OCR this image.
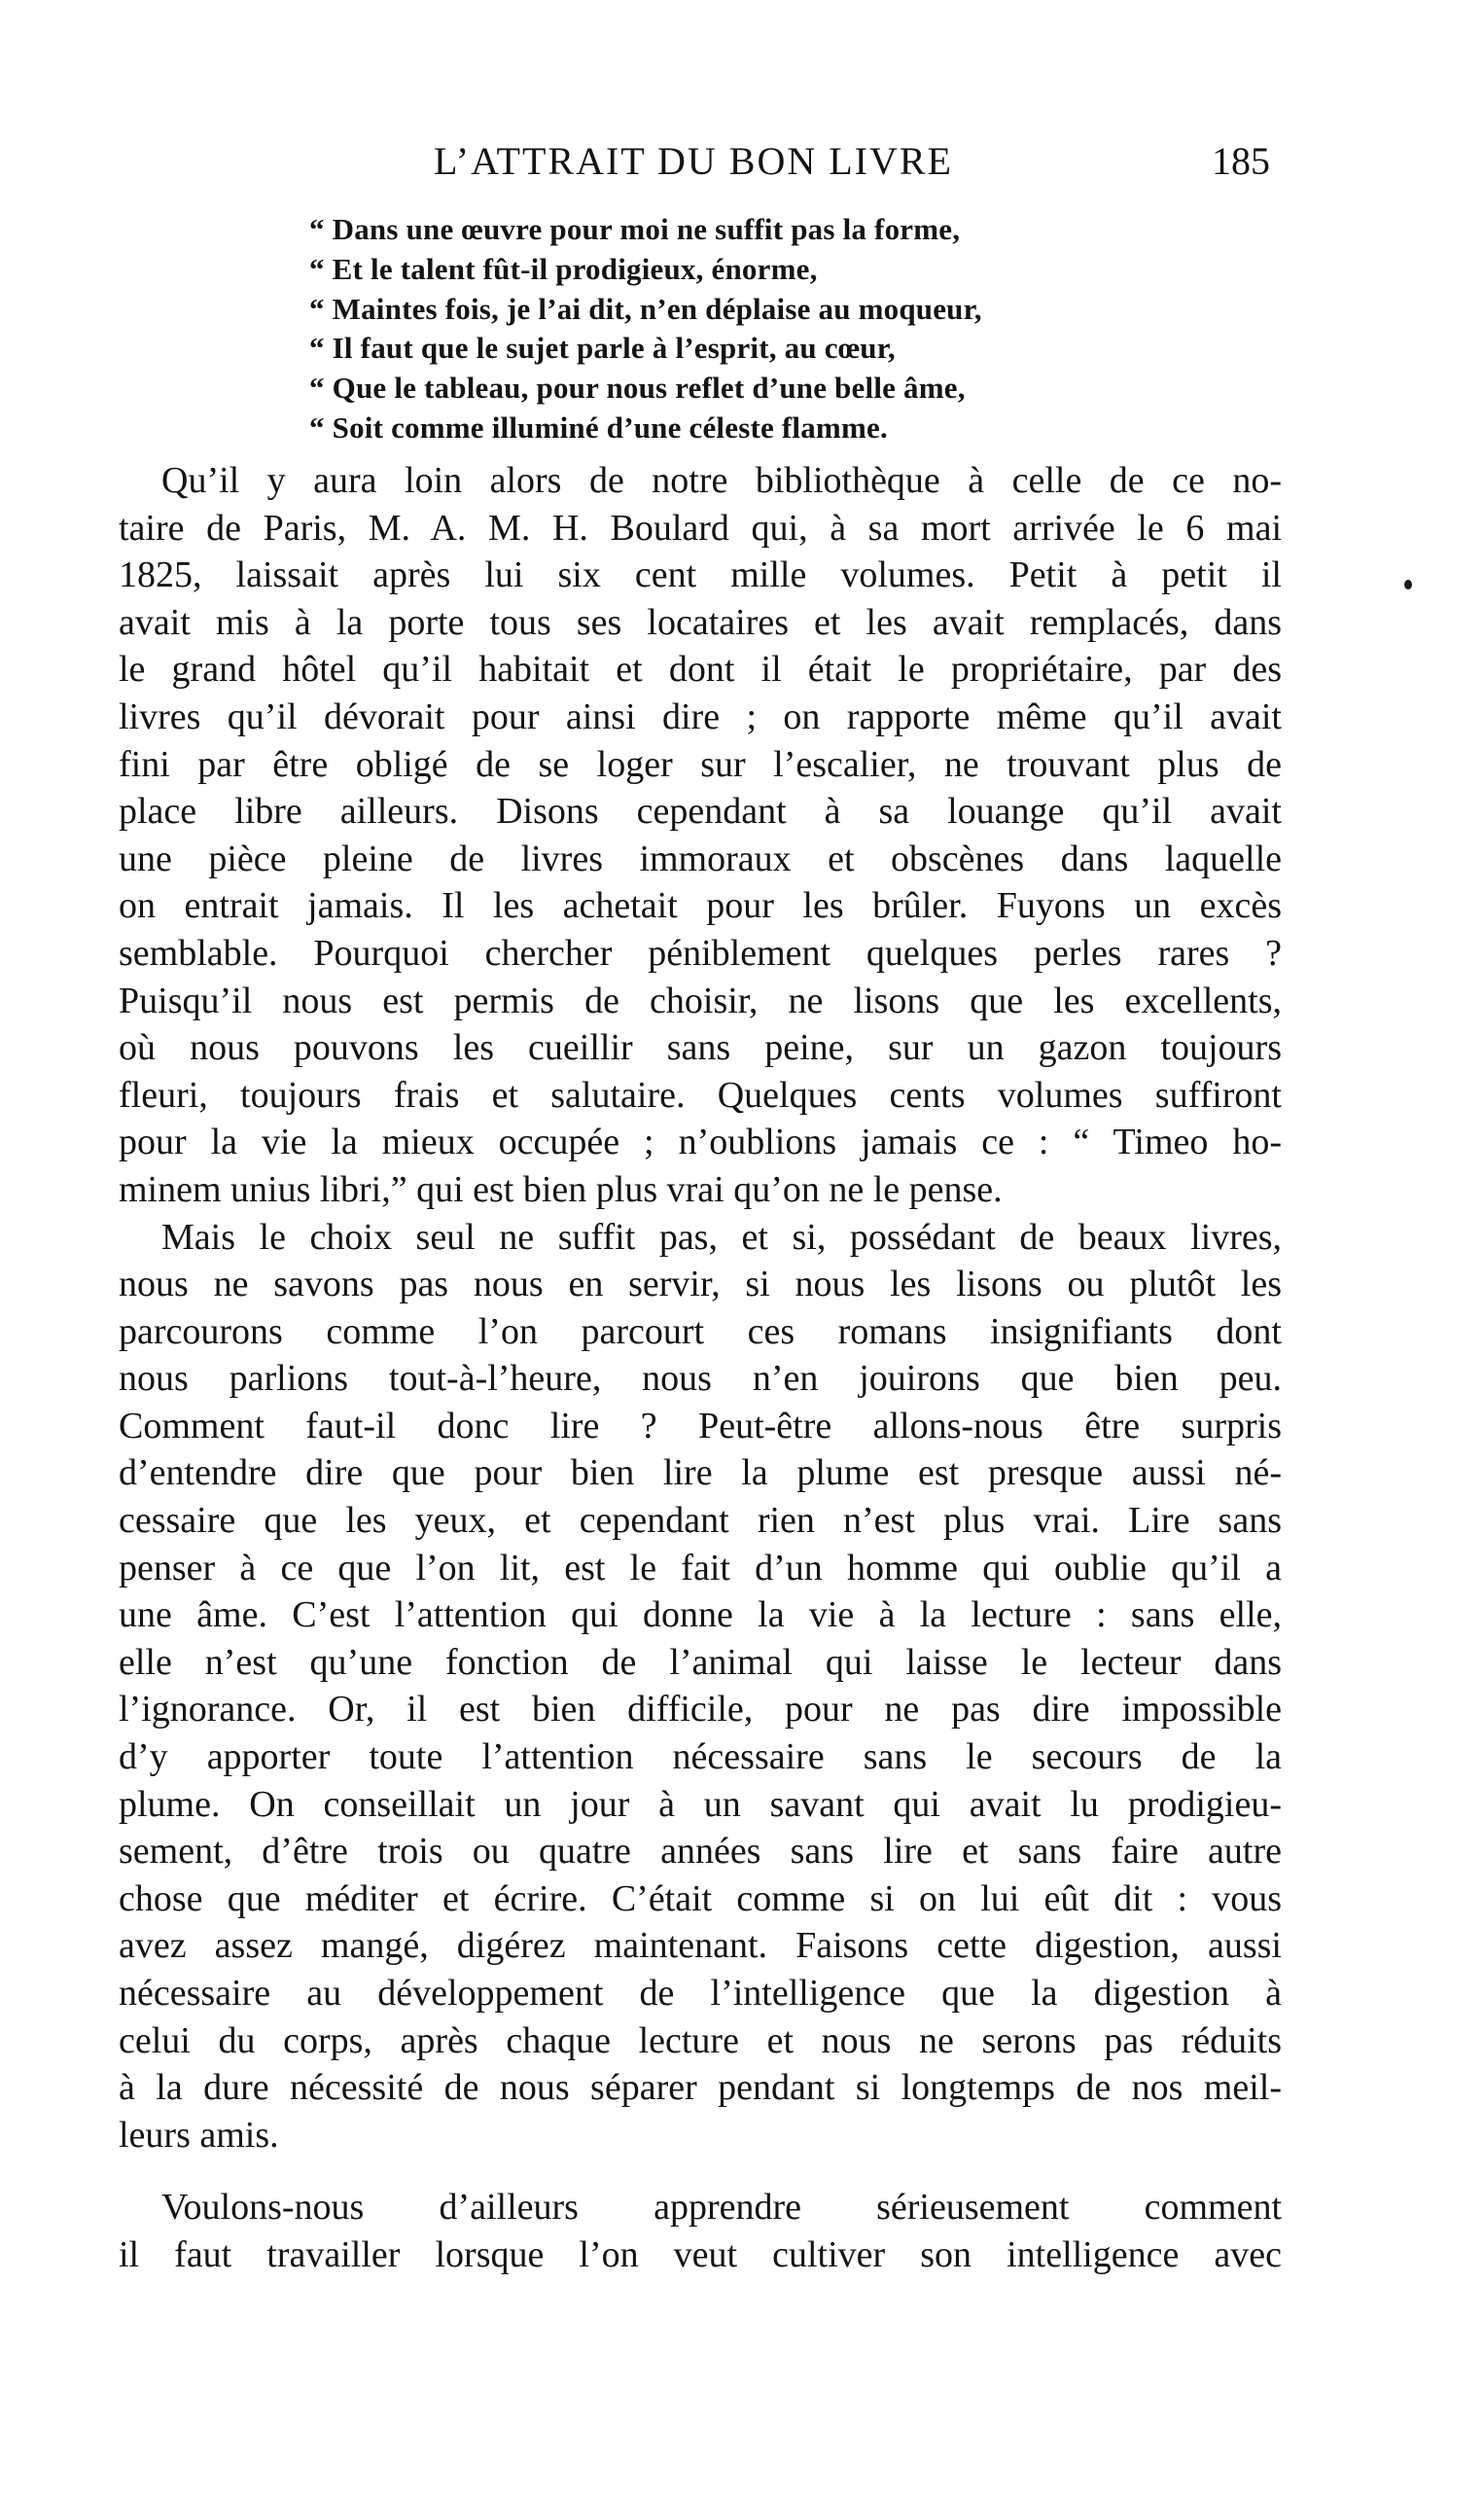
L’ATTRAIT DU BON LIVRE	185
“ Dans une œuvre pour moi ne suffit pas la forme,
“ Et le talent fût-il prodigieux, énorme,
“ Maintes fois, je l’ai dit, n’en déplaise au moqueur,
“ Il faut que le sujet parle à l’esprit, au cœur,
“ Que le tableau, pour nous reflet d’une belle âme,
“ Soit comme illuminé d’une céleste flamme.
Qu’il y aura loin alors de notre bibliothèque à celle de ce no-
taire de Paris, M. A. M. H. Boulard qui, à sa mort arrivée le 6 mai
1825, laissait après lui six cent mille volumes. Petit à petit il
avait mis à la porte tous ses locataires et les avait remplacés, dans
le grand hôtel qu’il habitait et dont il était le propriétaire, par des
livres qu’il dévorait pour ainsi dire ; on rapporte même qu’il avait
fini par être obligé de se loger sur l’escalier, ne trouvant plus de
place libre ailleurs. Disons cependant à sa louange qu’il avait
une pièce pleine de livres immoraux et obscènes dans laquelle
on entrait jamais. Il les achetait pour les brûler. Fuyons un excès
semblable. Pourquoi chercher péniblement quelques perles rares ?
Puisqu’il nous est permis de choisir, ne lisons que les excellents,
où nous pouvons les cueillir sans peine, sur un gazon toujours
fleuri, toujours frais et salutaire. Quelques cents volumes suffiront
pour la vie la mieux occupée ; n’oublions jamais ce : “ Timeo ho-
minem unius libri,” qui est bien plus vrai qu’on ne le pense.
Mais le choix seul ne suffit pas, et si, possédant de beaux livres,
nous ne savons pas nous en servir, si nous les lisons ou plutôt les
parcourons comme l’on parcourt ces romans insignifiants dont
nous parlions tout-à-l’heure, nous n’en jouirons que bien peu.
Comment faut-il donc lire ? Peut-être allons-nous être surpris
d’entendre dire que pour bien lire la plume est presque aussi né-
cessaire que les yeux, et cependant rien n’est plus vrai. Lire sans
penser à ce que l’on lit, est le fait d’un homme qui oublie qu’il a
une âme. C’est l’attention qui donne la vie à la lecture : sans elle,
elle n’est qu’une fonction de l’animal qui laisse le lecteur dans
l’ignorance. Or, il est bien difficile, pour ne pas dire impossible
d’y apporter toute l’attention nécessaire sans le secours de la
plume. On conseillait un jour à un savant qui avait lu prodigieu-
sement, d’être trois ou quatre années sans lire et sans faire autre
chose que méditer et écrire. C’était comme si on lui eût dit : vous
avez assez mangé, digérez maintenant. Faisons cette digestion, aussi
nécessaire au développement de l’intelligence que la digestion à
celui du corps, après chaque lecture et nous ne serons pas réduits
à la dure nécessité de nous séparer pendant si longtemps de nos meil-
leurs amis.
Voulons-nous d’ailleurs apprendre sérieusement comment
il faut travailler lorsque l’on veut cultiver son intelligence avec
